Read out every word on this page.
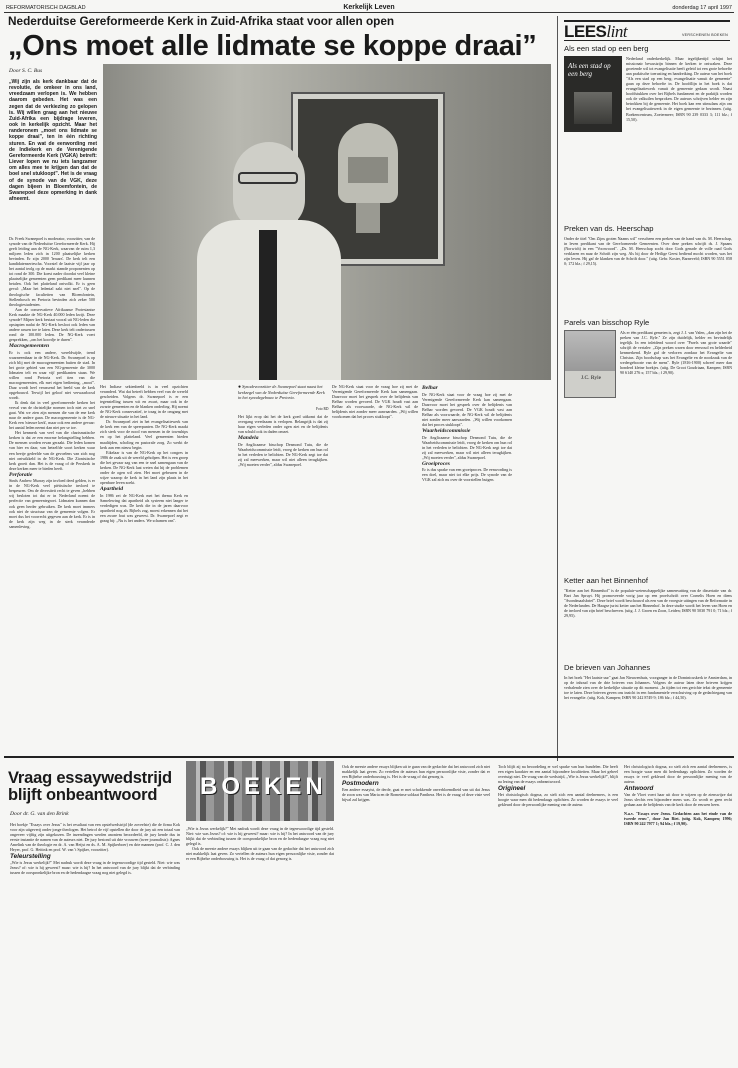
REFORMATORISCH DAGBLAD	Kerkelijk Leven	donderdag 17 april 1997
Nederduitse Gereformeerde Kerk in Zuid-Afrika staat voor allen open
„Ons moet alle lidmate se koppe draai”
Door S. C. Bus
„Wij zijn als kerk dankbaar dat de revolutie, de omkeer in ons land, vreedzaam verlopen is. We hebben daarom gebeden. Het was een zegen dat de verkiezing zo gelopen is. Wij willen graag aan het nieuwe Zuid-Afrika een bijdrage leveren, ook in kerkelijk opzicht. Maar het randeronem „moet ons lidmate se koppe draai”, ten in één richting sturen. En wat de eenwording met de Indiekerk en de Verenigende Gereformeerde Kerk (VGKA) betreft: Liever lopen we nu iets langzamer om alles mee te krijgen dan dat de boel snel stukloopt”. Het is de vraag of de synode van de VGK, deze dagen bijeen in Bloemfontein, de Swanepoel deze opmerking in dank afneemt.
● Synodevoorzitter dr. Swanepoel staat naast het kerkzegel van de Nederduitse Gereformeerde Kerk in het synodegebouw te Pretoria.
Foto RD

Dr. Freek Swanepoel is moderator, voorzitter, van de synode van de Nederduitse Gereformeerde Kerk. Hij geeft leiding aan de NG-Kerk, waarvan de ruim 1,3 miljoen leden zich in 1200 plaatselijke kerken bevinden. Er zijn 2000 'leraars'. De kerk telt een kandidatenseriescha. Voorstel de laatste vijf jaar op het aantal teolg op de markt stamde proponenten op tot rond de 300. Die koest nader doordat veel kleine plaatselijke gemeenten geen predikant meer kunnen betalen. Ook het platteland ontvolkt. Er is geen geval: „Maar het ledental zakt niet snel". Op de theologische faculteiten van Bloemfontein, Stellenbosch en Pretoria bevinden zich zeker 500 theologiestudenten.

Aan de conservatieve Afrikaanse Protestantse Kerk maakte de NG-Kerk 40.000 leden kwijt. Deze synode? Mijner kerk bestaat vooral uit NG-leden die opstapten nadat de NG-Kerk besloot ook leden van andere rassen toe te laten. Deze kerk telt ondertussen rond de 100.000 leden. De NG-Kerk voert gesprekken, „om het koordje te duren".

Macrogemeenten

Er is ook een andere, wereldwijde, trend waarneembaar in de NG-Kerk. Dr. Swanepoel is op zich blij met de macrogemeenten buiten de stad. In het grote gebied van een NG-gemeente die 3000 lidmaten telt en waar vijf predikanten staan. We willen rond Pretoria wel tien van die macrogemeenten, elk met eigen bediening, „mooi”. Daar wordt heel verassend het beeld van de kerk opgebouwd. Terwijl het geloof niet verwaarloosd wordt.

Ik denk dat in veel gereformeerde kerken het verval van de christelijke normen toch niet zo snel gaat. Wat we zien zijn mensen die van de ene kerk naar de andere gaan. De macrogemeente is de NG-Kerk een 'nieuwe kerk', maar ook een andere gevaar: het aantal leden neemt dan niet per se toe.

Het kenmerk van veel van die charismatische kerken is dat ze een enorme belangstelling hebben. De mensen worden ervan geraakt. Die leden komen van hier en daar, van hetzelfde soort kerken waar een beetje gedeelde van de gevoelens van zich nog niet ontwikkeld in de NG-Kerk. Die Zionistische kerk groeit dan. Het is de vraag of de Perskerk in deze kerken meer te bieden heeft.

Perforatie

Sinds Andrew Murray zijn invloed deed gelden, is er in de NG-Kerk veel piëtistische invloed te bespeuren. Om de diversiteit recht te geven „hebben wij besloten tot dat er in Nederland noemt de perfectie van gemeentegroei. Lidmaten kunnen dan ook geen herder gebruiken. De kerk moet immers ook niet de structuur van de gemeente volgen. Er moet dus het voorrecht gegeven aan de kerk. Er is in de kerk zijn weg in de sterk veranderde samenleving.

Het Indiase sektenbeeld is in veel opzichten veranderd. Wat dat betreft hebben veel van de wereld gescheiden. Volgens dr. Swanepoel is er een tegenstelling tussen wit en zwart, maar ook in de zwarte gemeenten en de blanken onderling. Hij noemt de NG-Kerk conservatief, te traag in de omgang met de nieuwe situatie in het land.

Dr. Swanepoel ziet in het evangelisatiewerk van de kerk een van de speerpunten. De NG-Kerk maakt zich sterk voor de nood van mensen in de townships en op het platteland. Veel gemeenten bieden maaltijden, scholing en pastorale zorg. Zo werkt de kerk aan een nieuw begin.

Eikelaar is van de NG-Kerk op het congres in 1986 de zaak uit de wereld geholpen. Het is een groep die het gevaar zag van een te snel samengaan van de kerken. De NG-Kerk laat weten dat hij de problemen onder de ogen wil zien. Het moet gebeuren in de wijze waarop de kerk in het land zijn plaats in het openbare leven zoekt.

Apartheid

In 1986 zei de NG-Kerk met het thema Kerk en Samelewing dat apartheid als systeem niet langer te verdedigen was. De kerk die in de jaren daarvoor apartheid nog als Bijbels zag, moest erkennen dat het een zware fout was geweest. Dr. Swanepoel zegt er graag bij: „Nu is het anders. We schamen ons".

Het lijkt erop dat het de kerk goed uitkomt dat de overgang vreedzaam is verlopen. Belangrijk is dat zij haar eigen verleden onder ogen ziet en de belijdenis van schuld ook in daden omzet.

Mandela

De Anglicaanse bisschop Desmond Tutu, die de Waarheidscommissie leidt, vroeg de kerken om hun rol in het verleden te belichten. De NG-Kerk zegt toe dat zij zal meewerken, maar wil niet alleen terugkijken. „Wij moeten verder", aldus Swanepoel.

De NG-Kerk staat voor de vraag hoe zij met de Verenigende Gereformeerde Kerk kan samengaan. Daarvoor moet het gesprek over de belijdenis van Belhar worden gevoerd. De VGK houdt vast aan Belhar als voorwaarde, de NG-Kerk wil de belijdenis niet zonder meer aanvaarden. „Wij willen voorkomen dat het proces stukloopt".

Belhar

De NG-Kerk staat voor de vraag hoe zij met de Verenigende Gereformeerde Kerk kan samengaan. Daarvoor moet het gesprek over de belijdenis van Belhar worden gevoerd. De VGK houdt vast aan Belhar als voorwaarde, de NG-Kerk wil de belijdenis niet zonder meer aanvaarden. „Wij willen voorkomen dat het proces stukloopt".

Waarheidscommissie

De Anglicaanse bisschop Desmond Tutu, die de Waarheidscommissie leidt, vroeg de kerken om hun rol in het verleden te belichten. De NG-Kerk zegt toe dat zij zal meewerken, maar wil niet alleen terugkijken. „Wij moeten verder", aldus Swanepoel.

Groeiproces

Er is dus sprake van een groeiproces. De eenwording is een doel, maar niet tot elke prijs. De synode van de VGK zal zich nu over de voorstellen buigen.

LEESlint	VERSCHENEN BOEKEN
Als een stad op een berg
Als een stad op een berg

Nederland onderkerkelijk. Maar tegelijkertijd schijnt het missionair bewustzijn binnen de kerken te ontwaken. Deze groeiende wil tot evangelisatie heeft geleid tot een grote behoefte aan praktische toerusting en handreiking. De auteur van het boek "Als een stad op een berg; evangelisatie vanuit de gemeente" gaan op deze behoefte in. De hoofdlijn in het boek is dat evangelisatiewerk vanuit de gemeente gedaan wordt. Naast hoofdstukken over het Bijbels fundament en de praktijk worden ook de valkuilen besproken. De auteurs schrijven helder en zijn betrokken bij de gemeente. Het boek kan een stimulans zijn om het evangelisatiewerk in de eigen gemeente te bezinnen. (uitg. Boekencentrum, Zoetermeer; ISBN 90 239 0333 3; 111 blz.; f 15,50).

Preken van ds. Heerschap

Onder de titel "Om Zijns groten Naams wil" verscheen een preken van de hand van ds. M. Heerschap, in leven predikant van de Gereformeerde Gemeenten. Over deze preken schrijft ds. J. Spaans (Norwich) in een "Voorwoord". „Ds. M. Heerschap zocht door Gods genade de volle raad Gods verklaren en naar de Schrift zijn weg. Als hij door de Heilige Geest bediend mocht worden, was het zijn leven. Hij gaf de klanken van de Schrift door." (uitg. Gebr. Koster, Barneveld; ISBN 90 5551 058 0; 172 blz.; f 29,15).

Parels van bisschop Ryle
J.C. Ryle

Als er één predikant gemeten is, zegt J. J. van Valen, „dan zijn het de preken van J.C. Ryle." Ze zijn duidelijk, helder en bevindelijk tegelijk. In een inleidend woord over "Parels van grote waarde" schrijft de vertaler: „Zijn preken waren door eenvoud en helderheid kenmerkend. Ryle gaf de verloren zondaar het Evangelie van Christus. Zijn boodschap was het Evangelie en de noodzaak van de wedergeboorte van de mens". Ryle (1816-1900) schreef meer dan honderd kleine boekjes. (uitg. De Groot Goudriaan, Kampen; ISBN 90 6140 276 x; 157 blz.; f 29,90).

Ketter aan het Binnenhof

"Ketter aan het Binnenhof" is de populair-wetenschappelijke samenvatting van de dissertatie van dr. Bart Jan Spruyt. Hij promoveerde vorig jaar op een proefschrift over Cornelis Hoen en diens "Avondmaalsbrief". Deze brief wordt beschouwd als een van de vroegste uitingen van de Reformatie in de Nederlanden. De Haagse jurist ketter aan het Binnenhof. In deze studie wordt het leven van Hoen en de invloed van zijn brief beschreven. (uitg. J. J. Groen en Zoon, Leiden; ISBN 90 5030 791 0; 71 blz.; f 29,95).

De brieven van Johannes

In het boek "Het laatste uur" gaat Jan Nieuwenhuis, voorganger in de Dominicuskerk te Amsterdam, in op de inhoud van de drie brieven van Johannes. Volgens de auteur laten deze brieven krijgen verhalende zien over de kerkelijke situatie op dit moment. „In tijden tot een gerichte tekst de gemeente toe te laten. Deze brieven geven ons inzicht in een fundamentele verschuiving op de gedachtegang van het evangelie. (uitg. Kok, Kampen; ISBN 90 242 8749 9; 186 blz.; f 44,50).

Vraag essaywedstrijd blijft onbeantwoord
Door dr. G. van den Brink
BOEKEN

Het boekje "Essays over Jezus" is het resultaat van een opstelwedstrijd (de zoveelste) die de firma Kok voor zijn uitgeverij onder jonge theologen. Het betrof de vijf opstellen die door de jury uit een totaal van ongeveer vijftig zijn uitgekozen. De inzendingen werden anoniem beoordeeld, de jury kende dus in eerste instantie de namen van de auteurs niet. De jury bestond uit drie vrouwen (twee journalists): Agnes Amelink van de theologie en dr. A. van Heijst en ds. A. M. Spijkerboer) en drie mannen (prof. C. J. den Heyer, prof. G. Heitink en prof. W. van 't Spijker, voorzitter).

Teleurstelling

„Wie is Jezus werkelijk?" Met nadruk wordt deze vraag in de tegenwoordige tijd gesteld. Niet: wie was Jezus? of: wie is hij geweest? maar: wie is hij? In het antwoord van de jury blijkt dat de verbinding tussen de oorspronkelijke bron en de hedendaagse vraag nog niet gelegd is.

„Wie is Jezus werkelijk?" Met nadruk wordt deze vraag in de tegenwoordige tijd gesteld. Niet: wie was Jezus? of: wie is hij geweest? maar: wie is hij? In het antwoord van de jury blijkt dat de verbinding tussen de oorspronkelijke bron en de hedendaagse vraag nog niet gelegd is.

Ook de meeste andere essays blijken uit te gaan van de gedachte dat het antwoord zich niet makkelijk laat geven. Zo vertellen de auteurs hun eigen persoonlijke visie, zonder dat er een Bijbelse onderbouwing is. Het is de vraag of dat genoeg is.

Ook de meeste andere essays blijken uit te gaan van de gedachte dat het antwoord zich niet makkelijk laat geven. Zo vertellen de auteurs hun eigen persoonlijke visie, zonder dat er een Bijbelse onderbouwing is. Het is de vraag of dat genoeg is.

Postmodern

Een andere essayist, de derde, gaat er met schokkende onverbloemdheid van uit dat Jezus de zoon was van Maria en de Romeinse soldaat Panthera. Het is de vraag of deze visie veel bijval zal krijgen.

Toch blijft zij na beoordeling er wel sprake van hun bundelen. Die heeft een eigen karakter en een aantal bijzondere kwaliteiten. Maar het geheel overtuigt niet. De vraag van de wedstrijd, „Wie is Jezus werkelijk?", blijft na lezing van de essays onbeantwoord.

Origineel

Het christologisch dogma, zo stelt zich een aantal deelnemers, is een hoogte waar men dit hedendaags oplichten. Zo worden de essays te veel gekleurd door de persoonlijke mening van de auteur.

Het christologisch dogma, zo stelt zich een aantal deelnemers, is een hoogte waar men dit hedendaags oplichten. Zo worden de essays te veel gekleurd door de persoonlijke mening van de auteur.

Antwoord

Van de Vloet voert haar uit door te wijzen op de zienswijze dat Jezus slechts een bijzondere mens was. Zo wordt er geen recht gedaan aan de belijdenis van de kerk door de eeuwen heen.

N.a.v. "Essays over Jezus. Gedachten aan het einde van de tweede eeuw", door Jan Riet. (uitg. Kok, Kampen; 1996; ISBN 90 242 7977 1; 94 blz.; f 19,90).
